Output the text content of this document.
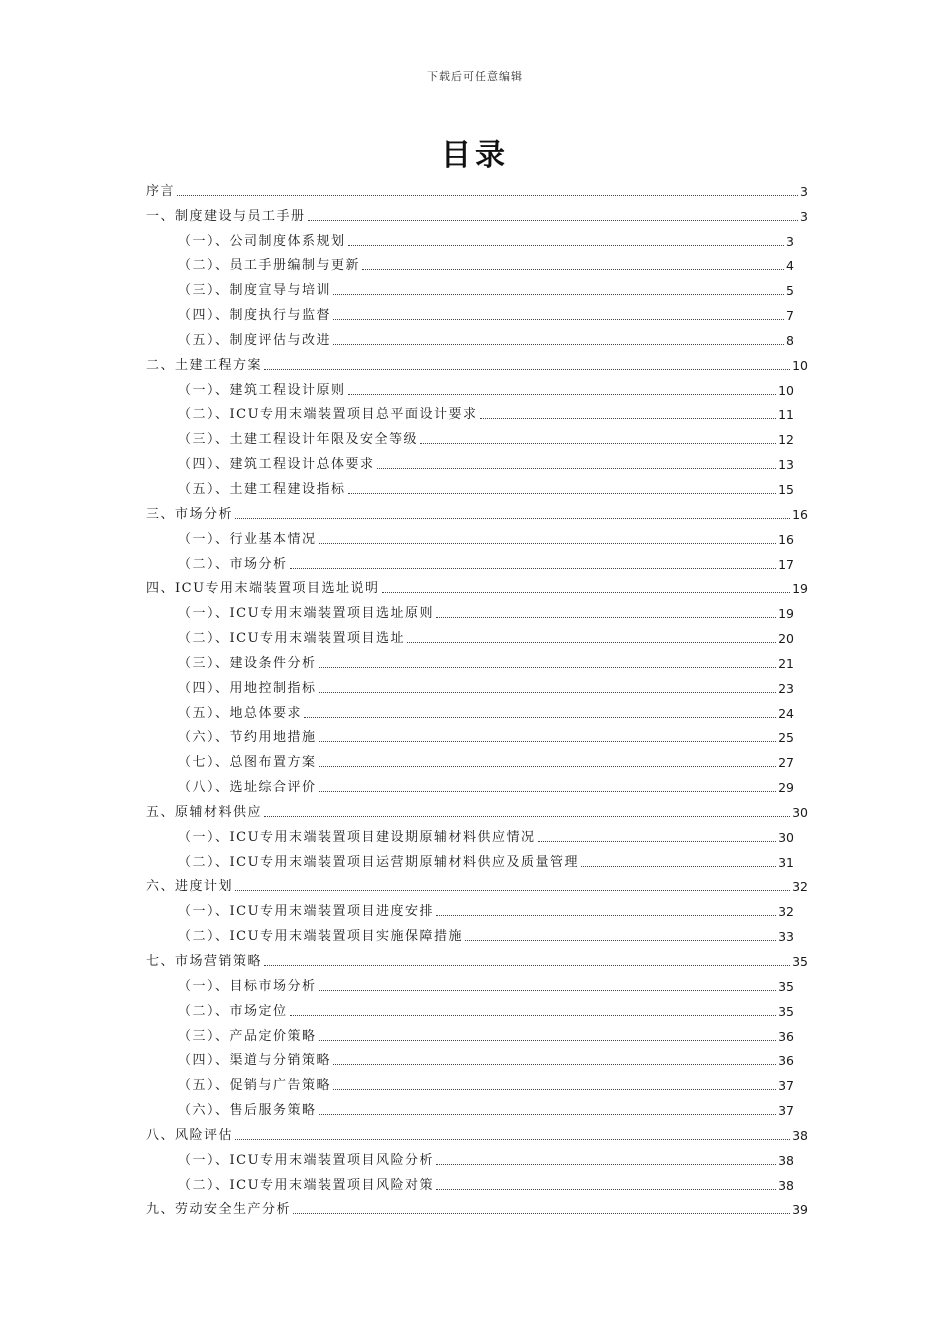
下载后可任意编辑
目录
序言	3
一、制度建设与员工手册	3
（一）、公司制度体系规划	3
（二）、员工手册编制与更新	4
（三）、制度宣导与培训	5
（四）、制度执行与监督	7
（五）、制度评估与改进	8
二、土建工程方案	10
（一）、建筑工程设计原则	10
（二）、ICU专用末端装置项目总平面设计要求	11
（三）、土建工程设计年限及安全等级	12
（四）、建筑工程设计总体要求	13
（五）、土建工程建设指标	15
三、市场分析	16
（一）、行业基本情况	16
（二）、市场分析	17
四、ICU专用末端装置项目选址说明	19
（一）、ICU专用末端装置项目选址原则	19
（二）、ICU专用末端装置项目选址	20
（三）、建设条件分析	21
（四）、用地控制指标	23
（五）、地总体要求	24
（六）、节约用地措施	25
（七）、总图布置方案	27
（八）、选址综合评价	29
五、原辅材料供应	30
（一）、ICU专用末端装置项目建设期原辅材料供应情况	30
（二）、ICU专用末端装置项目运营期原辅材料供应及质量管理	31
六、进度计划	32
（一）、ICU专用末端装置项目进度安排	32
（二）、ICU专用末端装置项目实施保障措施	33
七、市场营销策略	35
（一）、目标市场分析	35
（二）、市场定位	35
（三）、产品定价策略	36
（四）、渠道与分销策略	36
（五）、促销与广告策略	37
（六）、售后服务策略	37
八、风险评估	38
（一）、ICU专用末端装置项目风险分析	38
（二）、ICU专用末端装置项目风险对策	38
九、劳动安全生产分析	39
